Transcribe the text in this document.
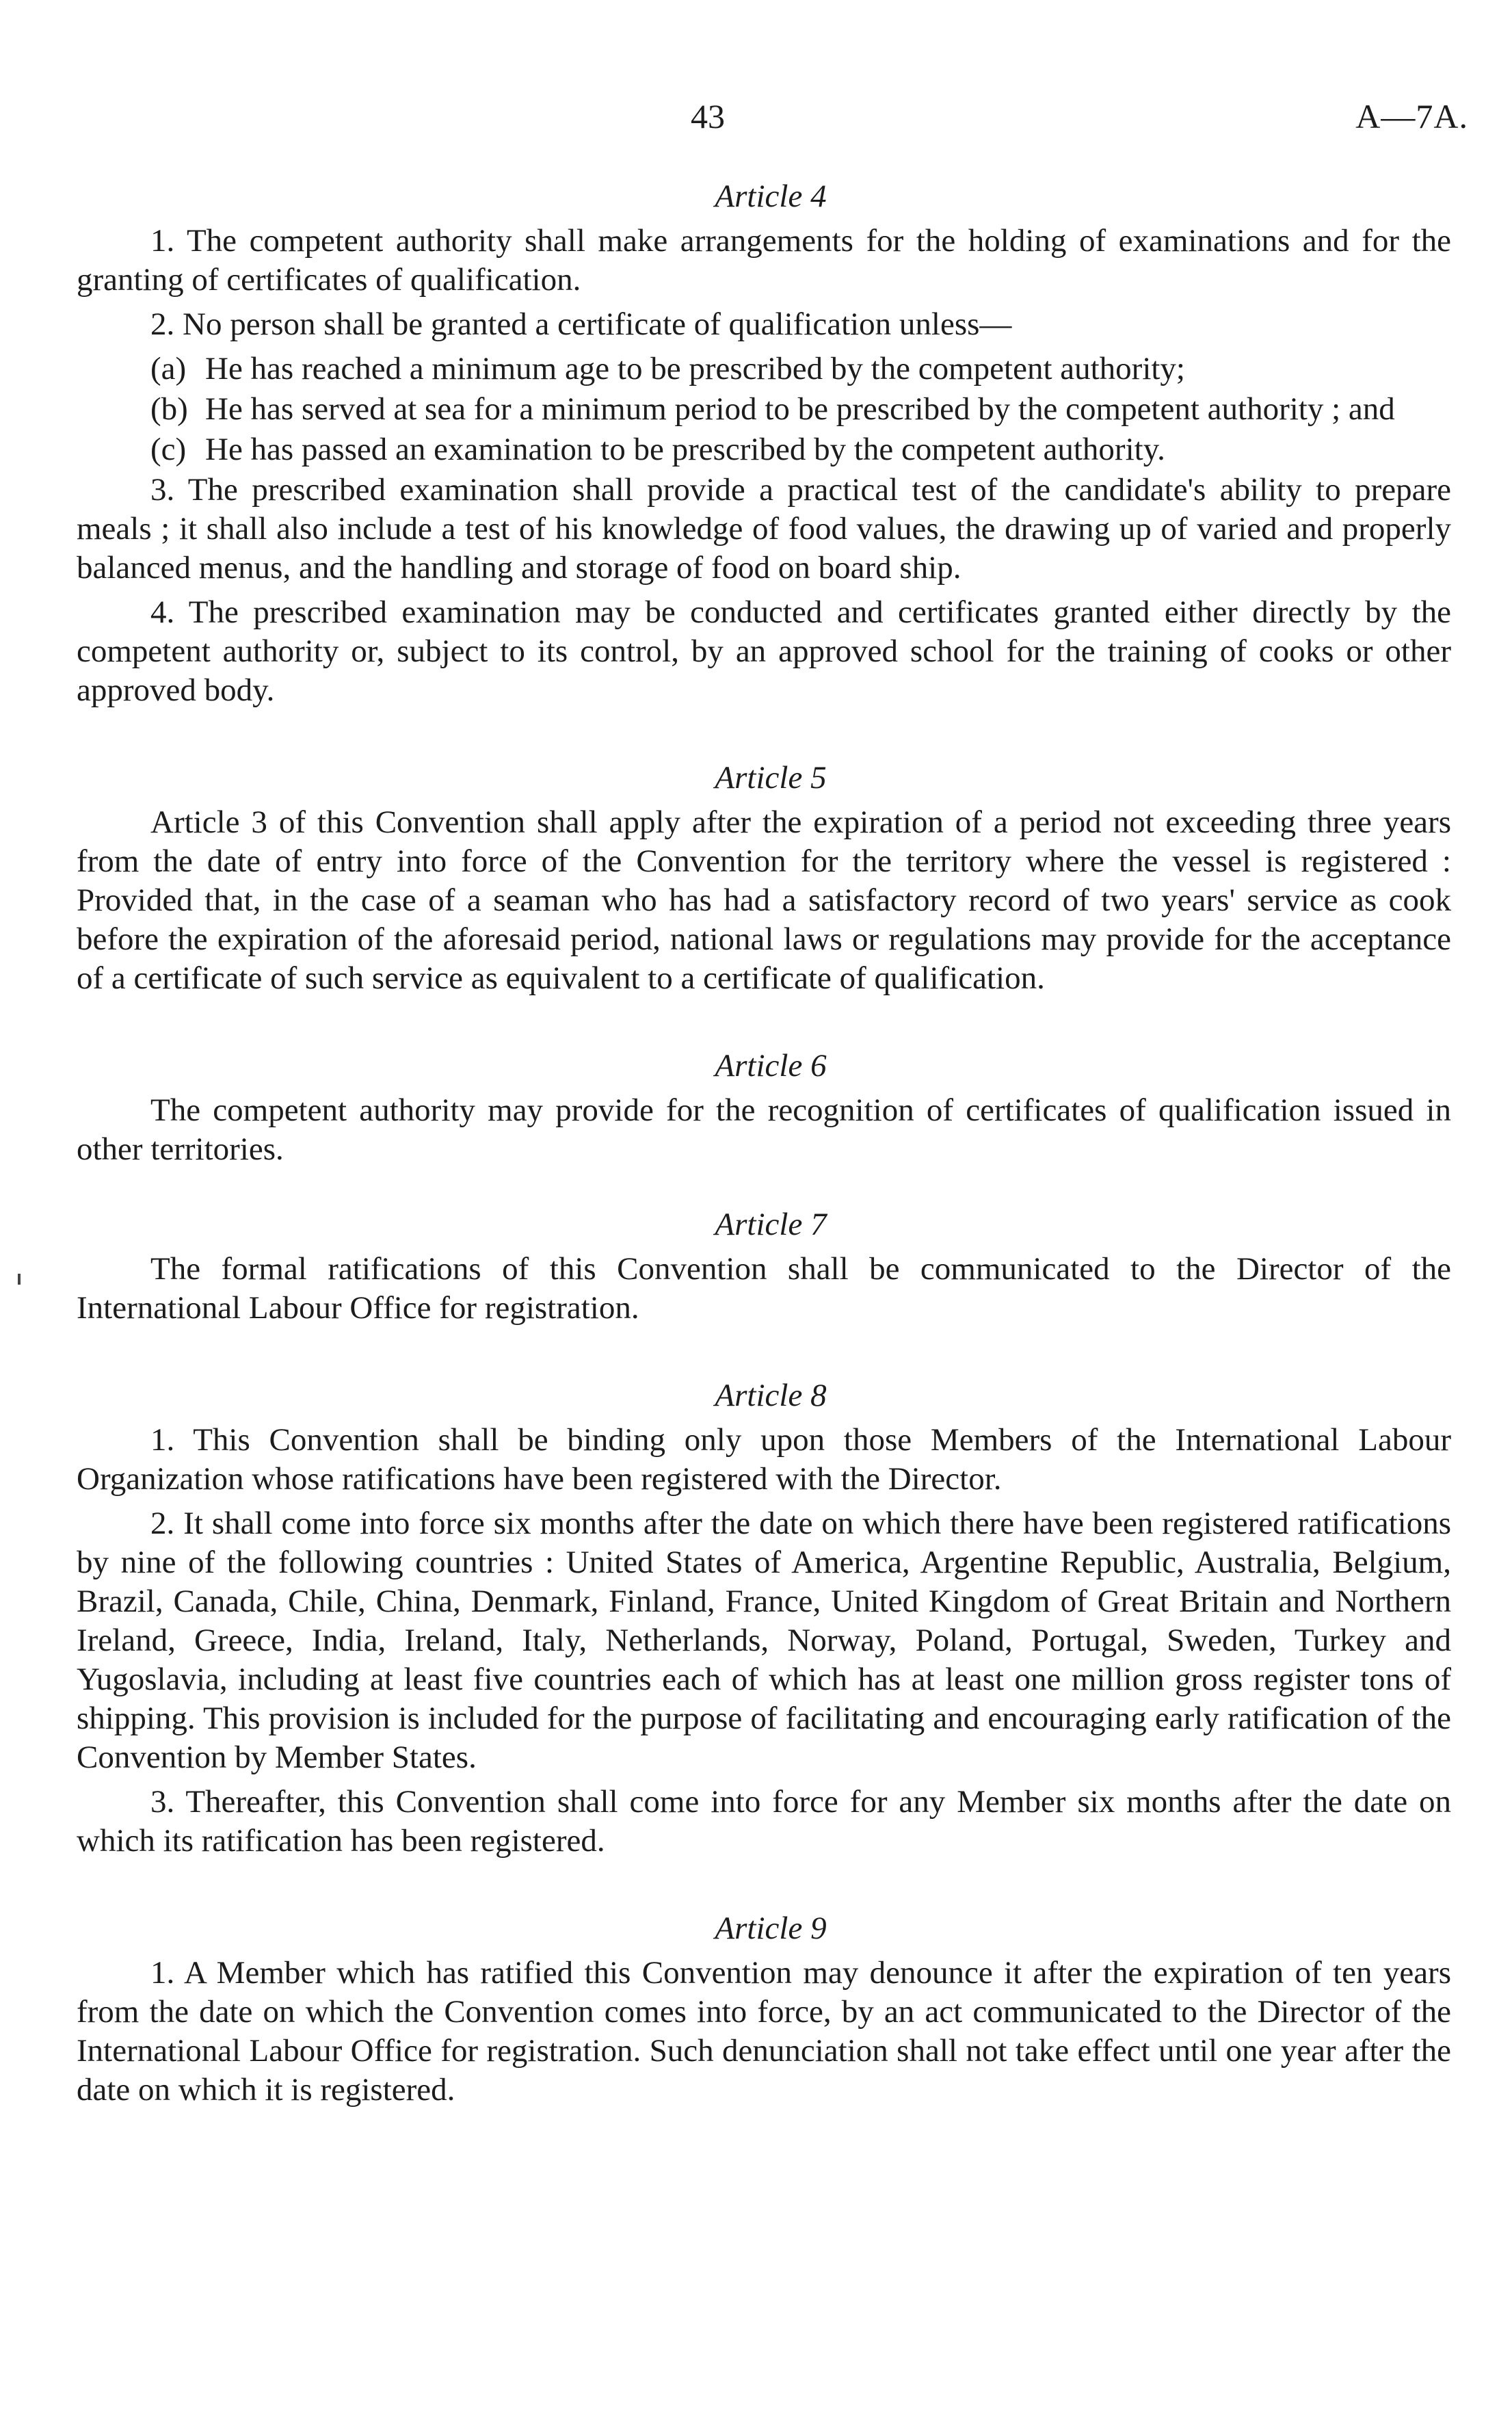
43	A—7A.
Article 4

1. The competent authority shall make arrangements for the holding of examinations and for the granting of certificates of qualification.

2. No person shall be granted a certificate of qualification unless—

(a) He has reached a minimum age to be prescribed by the competent authority;

(b) He has served at sea for a minimum period to be prescribed by the competent authority ; and

(c) He has passed an examination to be prescribed by the competent authority.

3. The prescribed examination shall provide a practical test of the candidate's ability to prepare meals ; it shall also include a test of his knowledge of food values, the drawing up of varied and properly balanced menus, and the handling and storage of food on board ship.

4. The prescribed examination may be conducted and certificates granted either directly by the competent authority or, subject to its control, by an approved school for the training of cooks or other approved body.

Article 5

Article 3 of this Convention shall apply after the expiration of a period not exceeding three years from the date of entry into force of the Convention for the territory where the vessel is registered : Provided that, in the case of a seaman who has had a satisfactory record of two years' service as cook before the expiration of the aforesaid period, national laws or regulations may provide for the acceptance of a certificate of such service as equivalent to a certificate of qualification.

Article 6

The competent authority may provide for the recognition of certificates of qualification issued in other territories.

Article 7

The formal ratifications of this Convention shall be communicated to the Director of the International Labour Office for registration.

Article 8

1. This Convention shall be binding only upon those Members of the International Labour Organization whose ratifications have been registered with the Director.

2. It shall come into force six months after the date on which there have been registered ratifications by nine of the following countries : United States of America, Argentine Republic, Australia, Belgium, Brazil, Canada, Chile, China, Denmark, Finland, France, United Kingdom of Great Britain and Northern Ireland, Greece, India, Ireland, Italy, Netherlands, Norway, Poland, Portugal, Sweden, Turkey and Yugoslavia, including at least five countries each of which has at least one million gross register tons of shipping. This provision is included for the purpose of facilitating and encouraging early ratification of the Convention by Member States.

3. Thereafter, this Convention shall come into force for any Member six months after the date on which its ratification has been registered.

Article 9

1. A Member which has ratified this Convention may denounce it after the expiration of ten years from the date on which the Convention comes into force, by an act communicated to the Director of the International Labour Office for registration. Such denunciation shall not take effect until one year after the date on which it is registered.
